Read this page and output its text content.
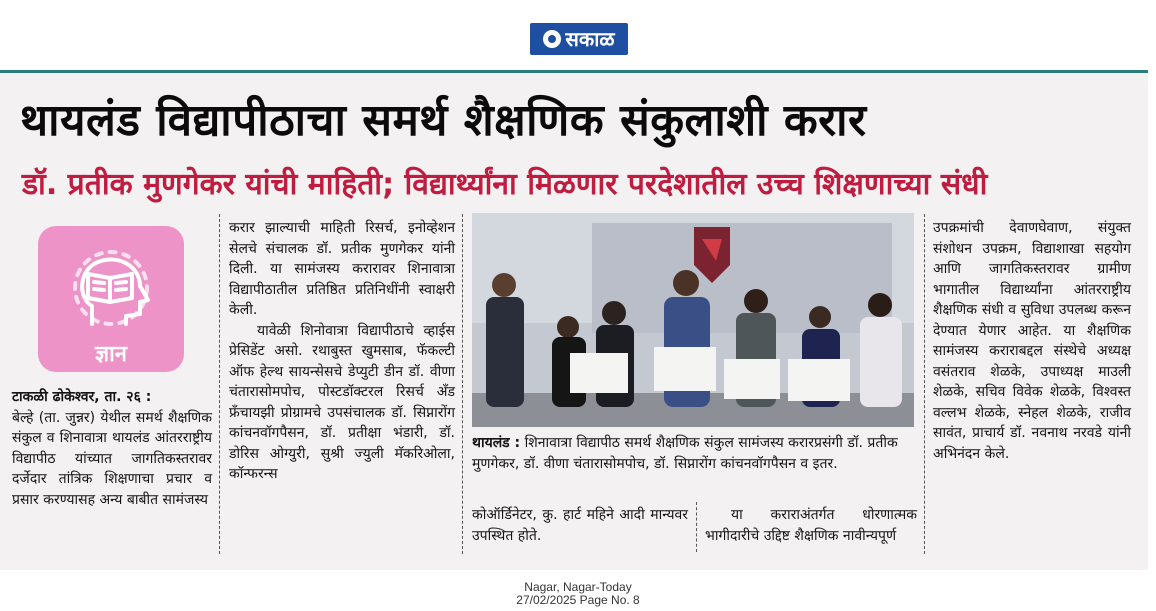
सकाळ
थायलंड विद्यापीठाचा समर्थ शैक्षणिक संकुलाशी करार
डॉ. प्रतीक मुणगेकर यांची माहिती; विद्यार्थ्यांना मिळणार परदेशातील उच्च शिक्षणाच्या संधी
ज्ञान

टाकळी ढोकेश्वर, ता. २६ :

बेल्हे (ता. जुन्नर) येथील समर्थ शैक्षणिक संकुल व शिनावात्रा थायलंड आंतरराष्ट्रीय विद्यापीठ यांच्यात जागतिकस्तरावर दर्जेदार तांत्रिक शिक्षणाचा प्रचार व प्रसार करण्यासह अन्य बाबीत सामंजस्य

करार झाल्याची माहिती रिसर्च, इनोव्हेशन सेलचे संचालक डॉ. प्रतीक मुणगेकर यांनी दिली. या सामंजस्य करारावर शिनावात्रा विद्यापीठातील प्रतिष्ठित प्रतिनिधींनी स्वाक्षरी केली.

यावेळी शिनोवात्रा विद्यापीठाचे व्हाईस प्रेसिडेंट असो. रथाबुस्त खुमसाब, फॅकल्टी ऑफ हेल्थ सायन्सेसचे डेप्युटी डीन डॉ. वीणा चंतारासोमपोच, पोस्टडॉक्टरल रिसर्च अँड फ्रँचायझी प्रोग्रामचे उपसंचालक डॉ. सिप्नारोंग कांचनवॉगपैसन, डॉ. प्रतीक्षा भंडारी, डॉ. डोरिस ओग्युरी, सुश्री ज्युली मॅकरिओला, कॉन्फरन्स

थायलंड : शिनावात्रा विद्यापीठ समर्थ शैक्षणिक संकुल सामंजस्य करारप्रसंगी डॉ. प्रतीक मुणगेकर, डॉ. वीणा चंतारासोमपोच, डॉ. सिप्नारोंग कांचनवॉगपैसन व इतर.

कोऑर्डिनेटर, कु. हार्ट महिने आदी मान्यवर उपस्थित होते.

या कराराअंतर्गत धोरणात्मक भागीदारीचे उद्दिष्ट शैक्षणिक नावीन्यपूर्ण

उपक्रमांची देवाणघेवाण, संयुक्त संशोधन उपक्रम, विद्याशाखा सहयोग आणि जागतिकस्तरावर ग्रामीण भागातील विद्यार्थ्यांना आंतरराष्ट्रीय शैक्षणिक संधी व सुविधा उपलब्ध करून देण्यात येणार आहेत. या शैक्षणिक सामंजस्य कराराबद्दल संस्थेचे अध्यक्ष वसंतराव शेळके, उपाध्यक्ष माउली शेळके, सचिव विवेक शेळके, विश्वस्त वल्लभ शेळके, स्नेहल शेळके, राजीव सावंत, प्राचार्य डॉ. नवनाथ नरवडे यांनी अभिनंदन केले.

Nagar, Nagar-Today
27/02/2025 Page No. 8
